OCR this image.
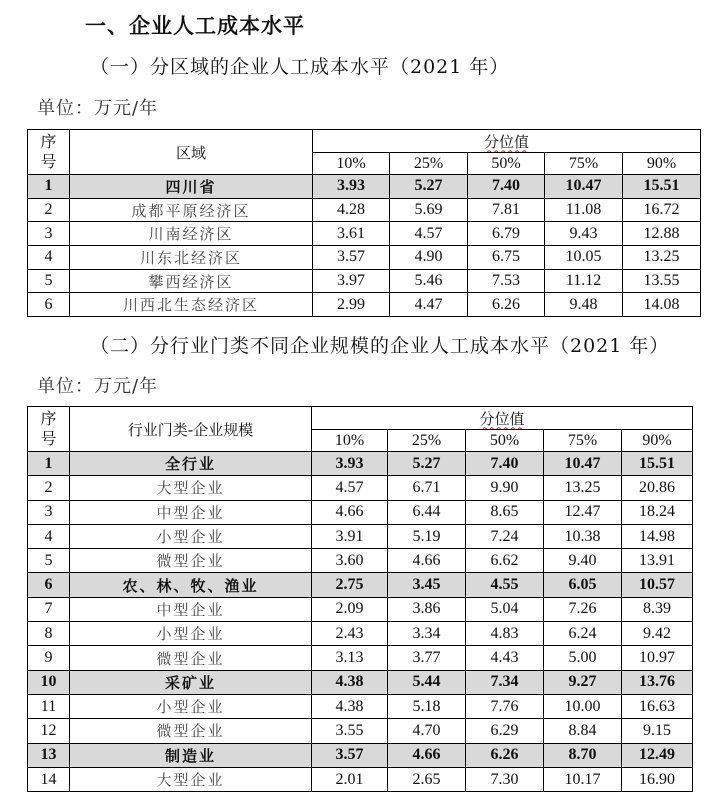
一、企业人工成本水平
（一）分区域的企业人工成本水平（2021 年）
单位：万元/年
序
号	区域	分位值				
		10%	25%	50%	75%	90%
1	四川省	3.93	5.27	7.40	10.47	15.51
2	成都平原经济区	4.28	5.69	7.81	11.08	16.72
3	川南经济区	3.61	4.57	6.79	9.43	12.88
4	川东北经济区	3.57	4.90	6.75	10.05	13.25
5	攀西经济区	3.97	5.46	7.53	11.12	13.55
6	川西北生态经济区	2.99	4.47	6.26	9.48	14.08
（二）分行业门类不同企业规模的企业人工成本水平（2021 年）
单位：万元/年
序
号	行业门类-企业规模	分位值				
		10%	25%	50%	75%	90%
1	全行业	3.93	5.27	7.40	10.47	15.51
2	大型企业	4.57	6.71	9.90	13.25	20.86
3	中型企业	4.66	6.44	8.65	12.47	18.24
4	小型企业	3.91	5.19	7.24	10.38	14.98
5	微型企业	3.60	4.66	6.62	9.40	13.91
6	农、林、牧、渔业	2.75	3.45	4.55	6.05	10.57
7	中型企业	2.09	3.86	5.04	7.26	8.39
8	小型企业	2.43	3.34	4.83	6.24	9.42
9	微型企业	3.13	3.77	4.43	5.00	10.97
10	采矿业	4.38	5.44	7.34	9.27	13.76
11	小型企业	4.38	5.18	7.76	10.00	16.63
12	微型企业	3.55	4.70	6.29	8.84	9.15
13	制造业	3.57	4.66	6.26	8.70	12.49
14	大型企业	2.01	2.65	7.30	10.17	16.90
